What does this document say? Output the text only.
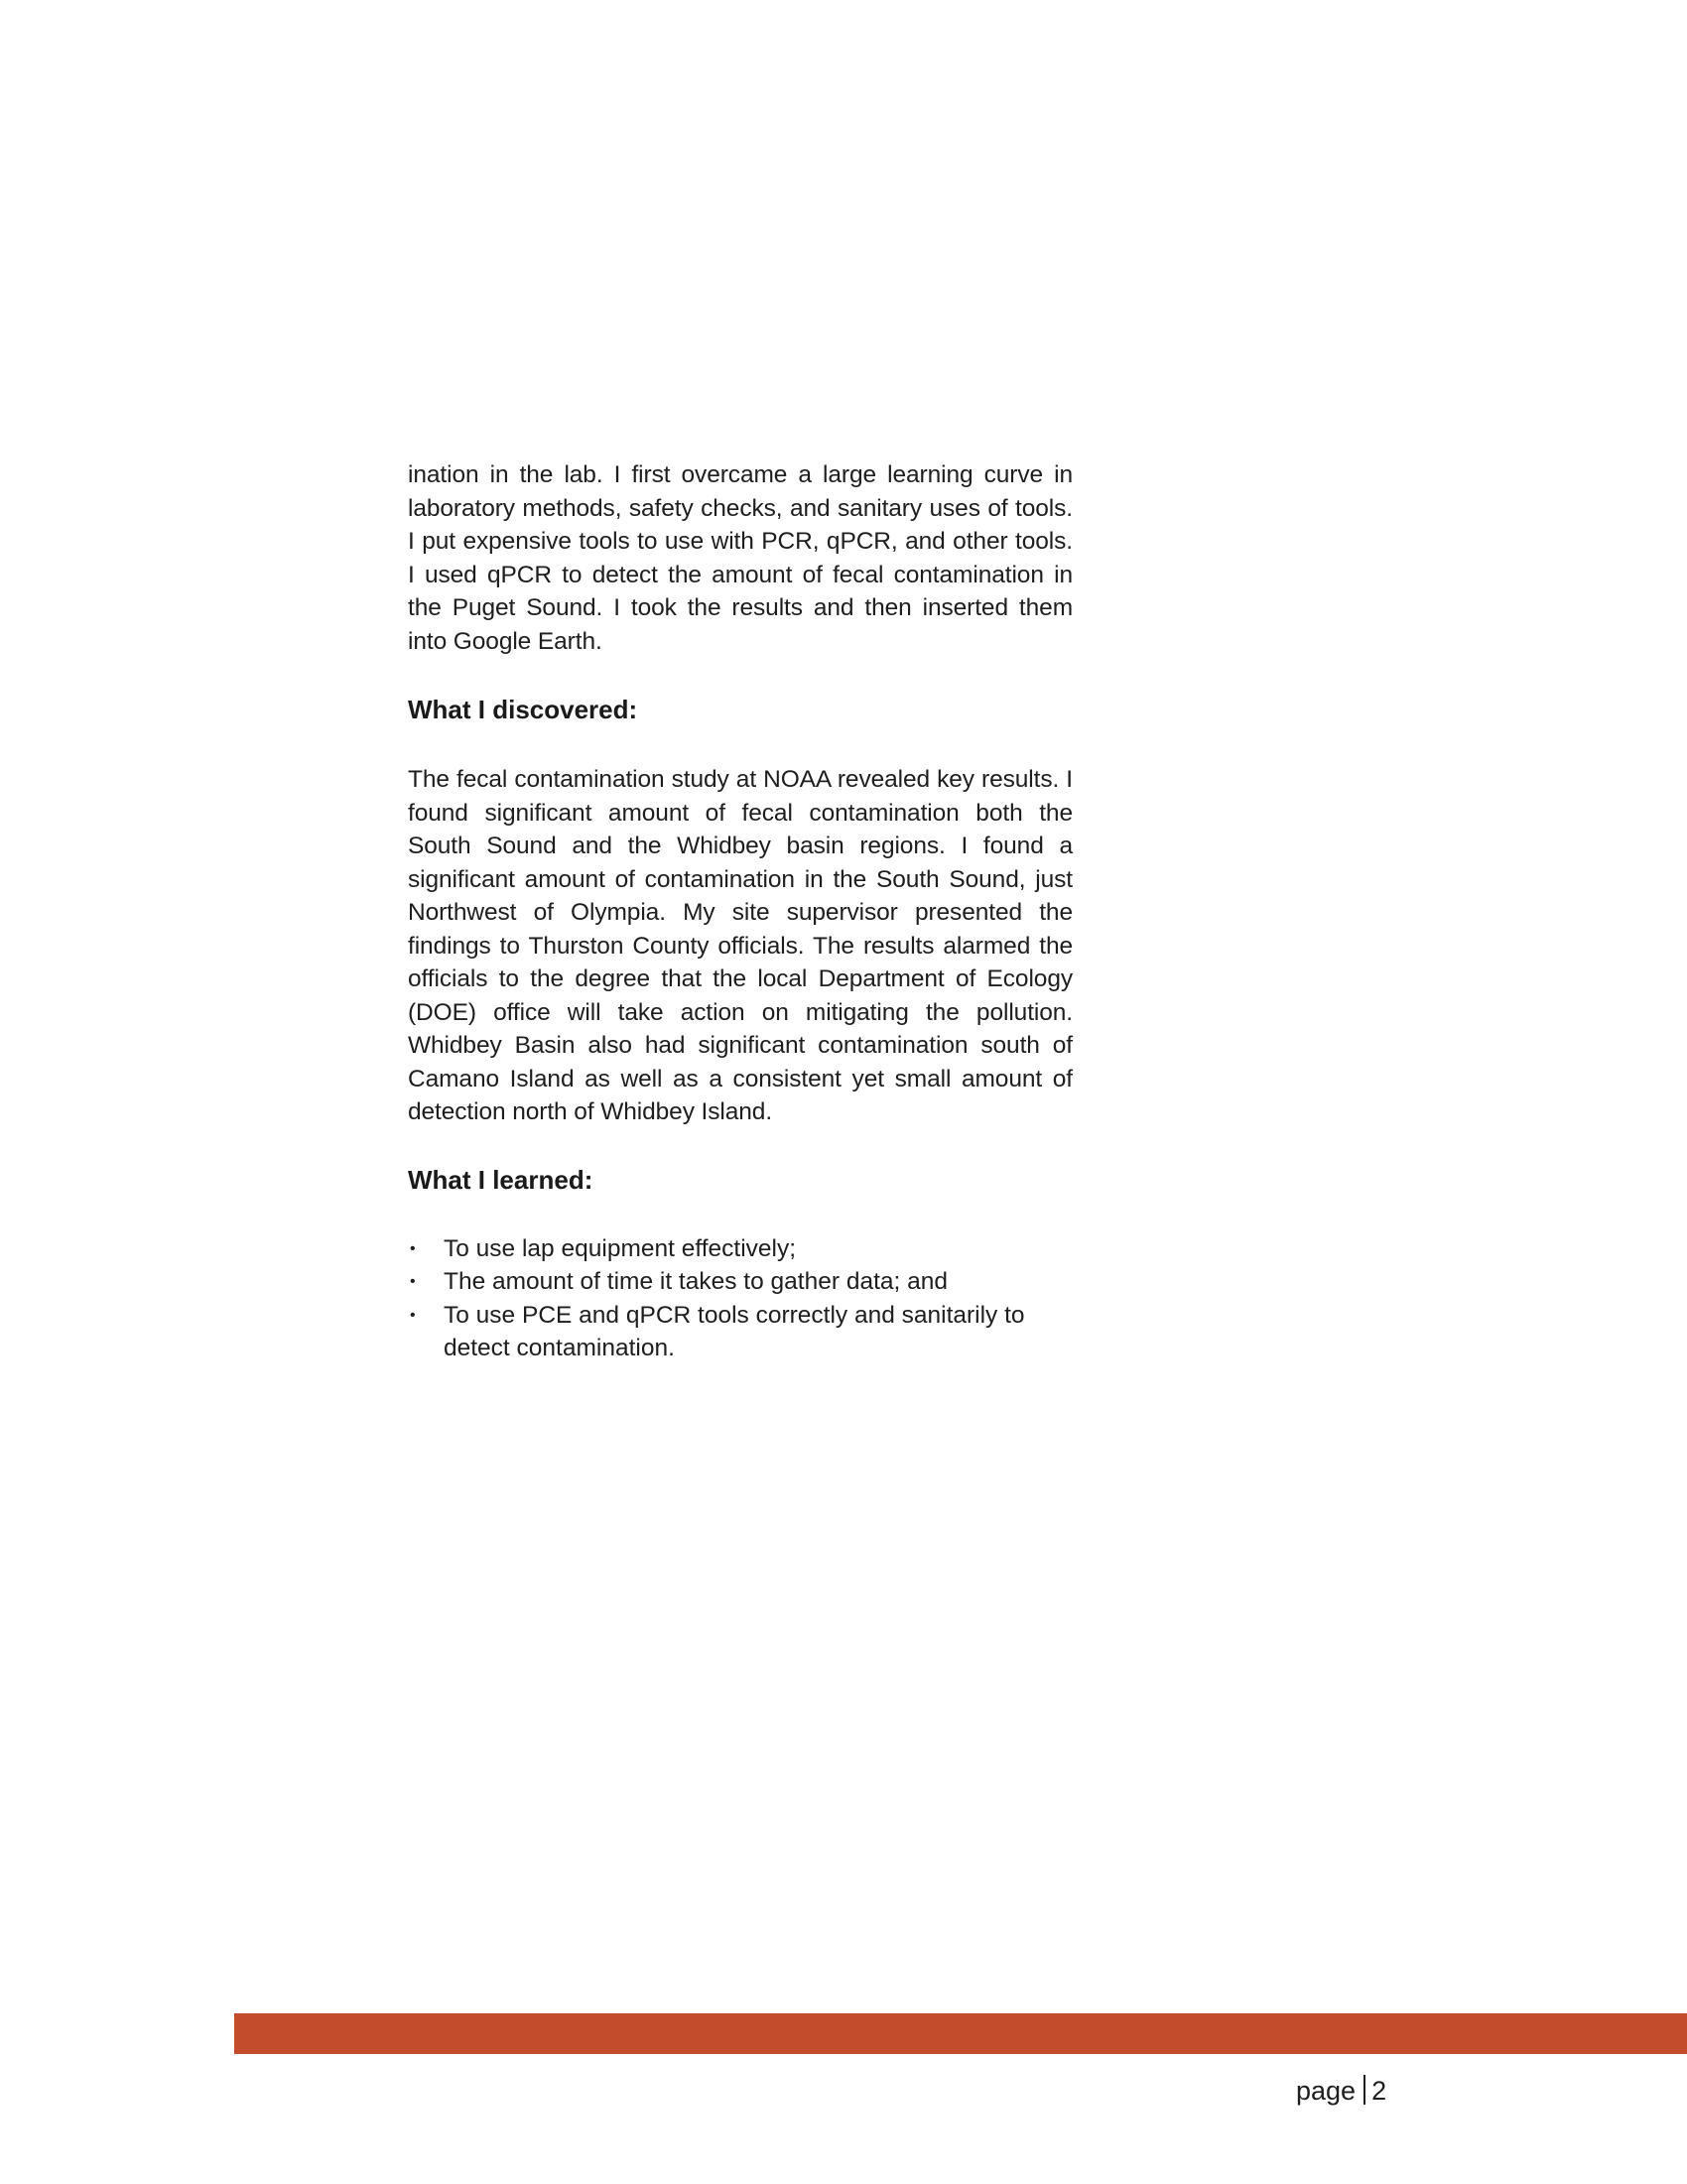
ination in the lab. I first overcame a large learning curve in laboratory methods, safety checks, and sanitary uses of tools. I put expensive tools to use with PCR, qPCR, and other tools. I used qPCR to detect the amount of fecal contamination in the Puget Sound. I took the results and then inserted them into Google Earth.

What I discovered:

The fecal contamination study at NOAA revealed key results. I found significant amount of fecal contamination both the South Sound and the Whidbey basin regions. I found a significant amount of contamination in the South Sound, just Northwest of Olympia. My site supervisor presented the findings to Thurston County officials. The results alarmed the officials to the degree that the local Department of Ecology (DOE) office will take action on mitigating the pollution. Whidbey Basin also had significant contamination south of Camano Island as well as a consistent yet small amount of detection north of Whidbey Island.

What I learned:
• To use lap equipment effectively;
• The amount of time it takes to gather data; and
• To use PCE and qPCR tools correctly and sanitarily to detect contamination.
page 2
